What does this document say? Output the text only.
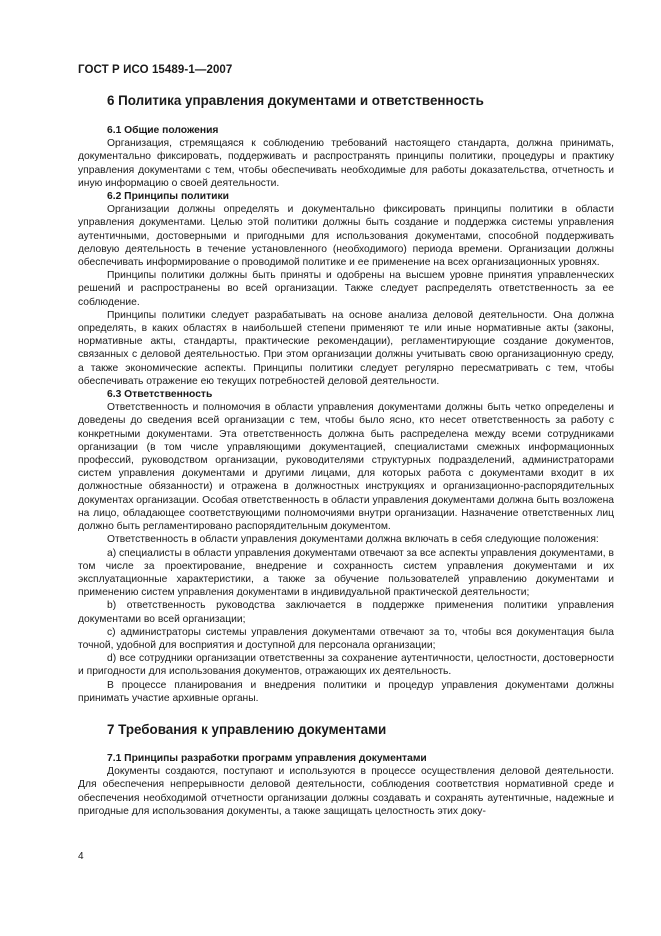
ГОСТ Р ИСО 15489-1—2007
6 Политика управления документами и ответственность
6.1 Общие положения

Организация, стремящаяся к соблюдению требований настоящего стандарта, должна принимать, документально фиксировать, поддерживать и распространять принципы политики, процедуры и практику управления документами с тем, чтобы обеспечивать необходимые для работы доказательства, отчетность и иную информацию о своей деятельности.

6.2 Принципы политики

Организации должны определять и документально фиксировать принципы политики в области управления документами. Целью этой политики должны быть создание и поддержка системы управления аутентичными, достоверными и пригодными для использования документами, способной поддерживать деловую деятельность в течение установленного (необходимого) периода времени. Организации должны обеспечивать информирование о проводимой политике и ее применение на всех организационных уровнях.

Принципы политики должны быть приняты и одобрены на высшем уровне принятия управленческих решений и распространены во всей организации. Также следует распределять ответственность за ее соблюдение.

Принципы политики следует разрабатывать на основе анализа деловой деятельности. Она должна определять, в каких областях в наибольшей степени применяют те или иные нормативные акты (законы, нормативные акты, стандарты, практические рекомендации), регламентирующие создание документов, связанных с деловой деятельностью. При этом организации должны учитывать свою организационную среду, а также экономические аспекты. Принципы политики следует регулярно пересматривать с тем, чтобы обеспечивать отражение ею текущих потребностей деловой деятельности.

6.3 Ответственность

Ответственность и полномочия в области управления документами должны быть четко определены и доведены до сведения всей организации с тем, чтобы было ясно, кто несет ответственность за работу с конкретными документами. Эта ответственность должна быть распределена между всеми сотрудниками организации (в том числе управляющими документацией, специалистами смежных информационных профессий, руководством организации, руководителями структурных подразделений, администраторами систем управления документами и другими лицами, для которых работа с документами входит в их должностные обязанности) и отражена в должностных инструкциях и организационно-распорядительных документах организации. Особая ответственность в области управления документами должна быть возложена на лицо, обладающее соответствующими полномочиями внутри организации. Назначение ответственных лиц должно быть регламентировано распорядительным документом.

Ответственность в области управления документами должна включать в себя следующие положения:

а) специалисты в области управления документами отвечают за все аспекты управления документами, в том числе за проектирование, внедрение и сохранность систем управления документами и их эксплуатационные характеристики, а также за обучение пользователей управлению документами и применению систем управления документами в индивидуальной практической деятельности;

b) ответственность руководства заключается в поддержке применения политики управления документами во всей организации;

c) администраторы системы управления документами отвечают за то, чтобы вся документация была точной, удобной для восприятия и доступной для персонала организации;

d) все сотрудники организации ответственны за сохранение аутентичности, целостности, достоверности и пригодности для использования документов, отражающих их деятельность.

В процессе планирования и внедрения политики и процедур управления документами должны принимать участие архивные органы.

7 Требования к управлению документами
7.1 Принципы разработки программ управления документами

Документы создаются, поступают и используются в процессе осуществления деловой деятельности. Для обеспечения непрерывности деловой деятельности, соблюдения соответствия нормативной среде и обеспечения необходимой отчетности организации должны создавать и сохранять аутентичные, надежные и пригодные для использования документы, а также защищать целостность этих доку-

4
